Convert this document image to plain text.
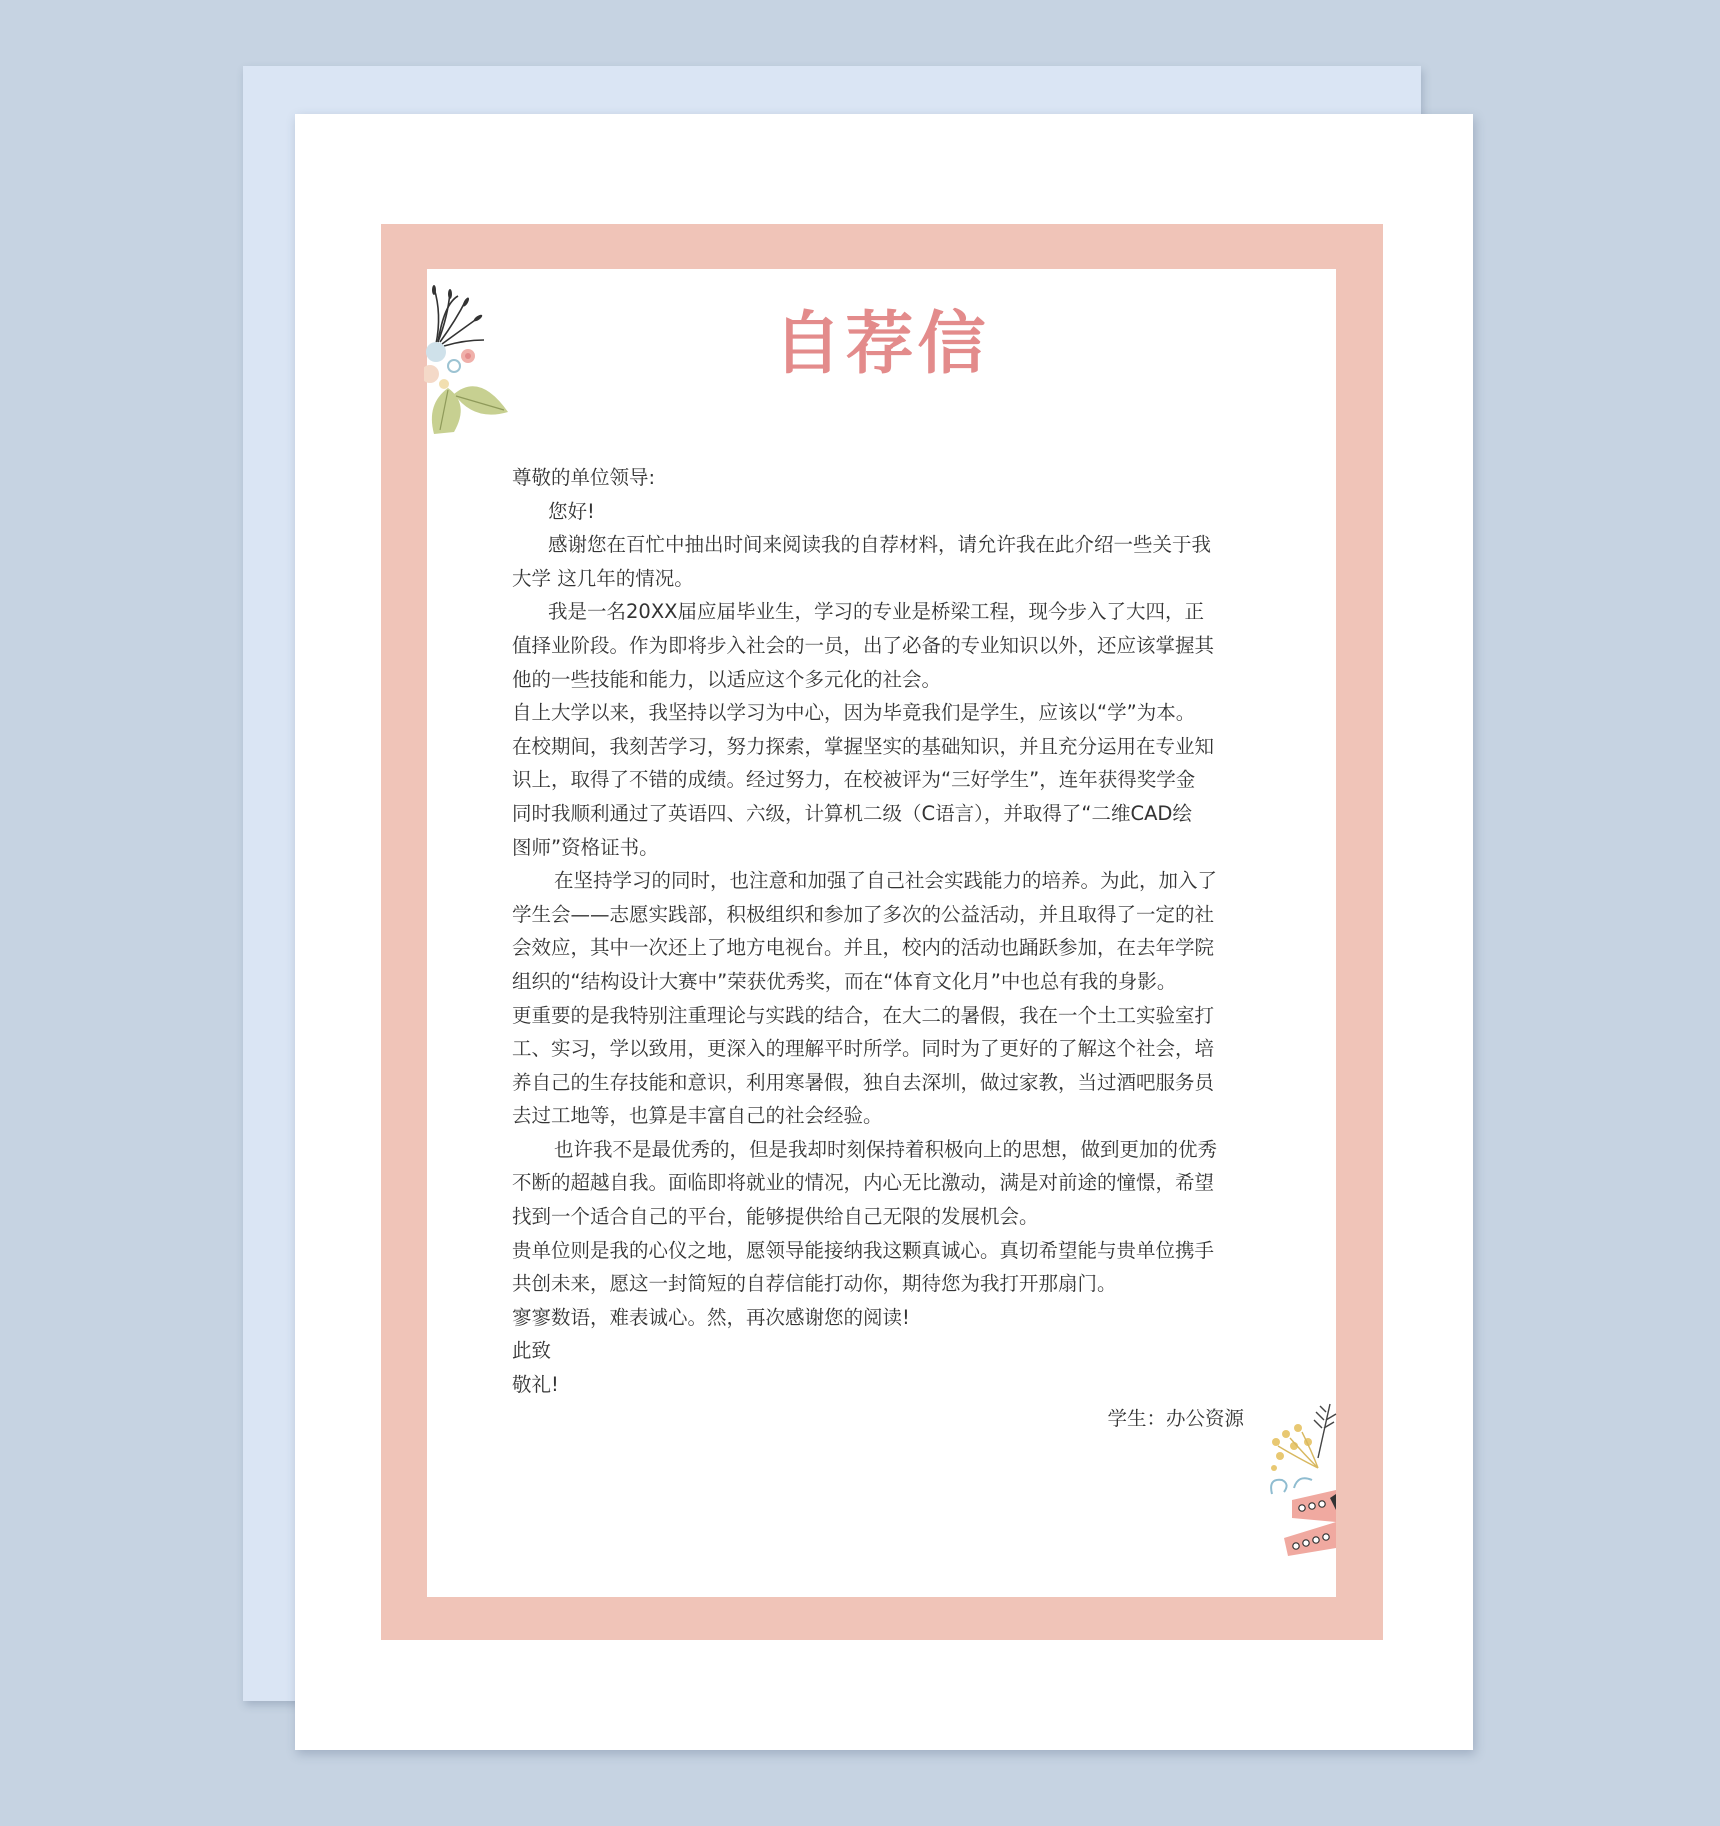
自荐信

尊敬的单位领导:

您好!

感谢您在百忙中抽出时间来阅读我的自荐材料，请允许我在此介绍一些关于我

大学 这几年的情况。

我是一名20XX届应届毕业生，学习的专业是桥梁工程，现今步入了大四，正

值择业阶段。作为即将步入社会的一员，出了必备的专业知识以外，还应该掌握其

他的一些技能和能力，以适应这个多元化的社会。

自上大学以来，我坚持以学习为中心，因为毕竟我们是学生，应该以“学”为本。

在校期间，我刻苦学习，努力探索，掌握坚实的基础知识，并且充分运用在专业知

识上，取得了不错的成绩。经过努力，在校被评为“三好学生”，连年获得奖学金

同时我顺利通过了英语四、六级，计算机二级（C语言），并取得了“二维CAD绘

图师”资格证书。

在坚持学习的同时，也注意和加强了自己社会实践能力的培养。为此，加入了

学生会——志愿实践部，积极组织和参加了多次的公益活动，并且取得了一定的社

会效应，其中一次还上了地方电视台。并且，校内的活动也踊跃参加，在去年学院

组织的“结构设计大赛中”荣获优秀奖，而在“体育文化月”中也总有我的身影。

更重要的是我特别注重理论与实践的结合，在大二的暑假，我在一个土工实验室打

工、实习，学以致用，更深入的理解平时所学。同时为了更好的了解这个社会，培

养自己的生存技能和意识，利用寒暑假，独自去深圳，做过家教，当过酒吧服务员

去过工地等，也算是丰富自己的社会经验。

也许我不是最优秀的，但是我却时刻保持着积极向上的思想，做到更加的优秀

不断的超越自我。面临即将就业的情况，内心无比激动，满是对前途的憧憬，希望

找到一个适合自己的平台，能够提供给自己无限的发展机会。

贵单位则是我的心仪之地，愿领导能接纳我这颗真诚心。真切希望能与贵单位携手

共创未来，愿这一封简短的自荐信能打动你，期待您为我打开那扇门。

寥寥数语，难表诚心。然，再次感谢您的阅读!

此致

敬礼!

学生：办公资源
